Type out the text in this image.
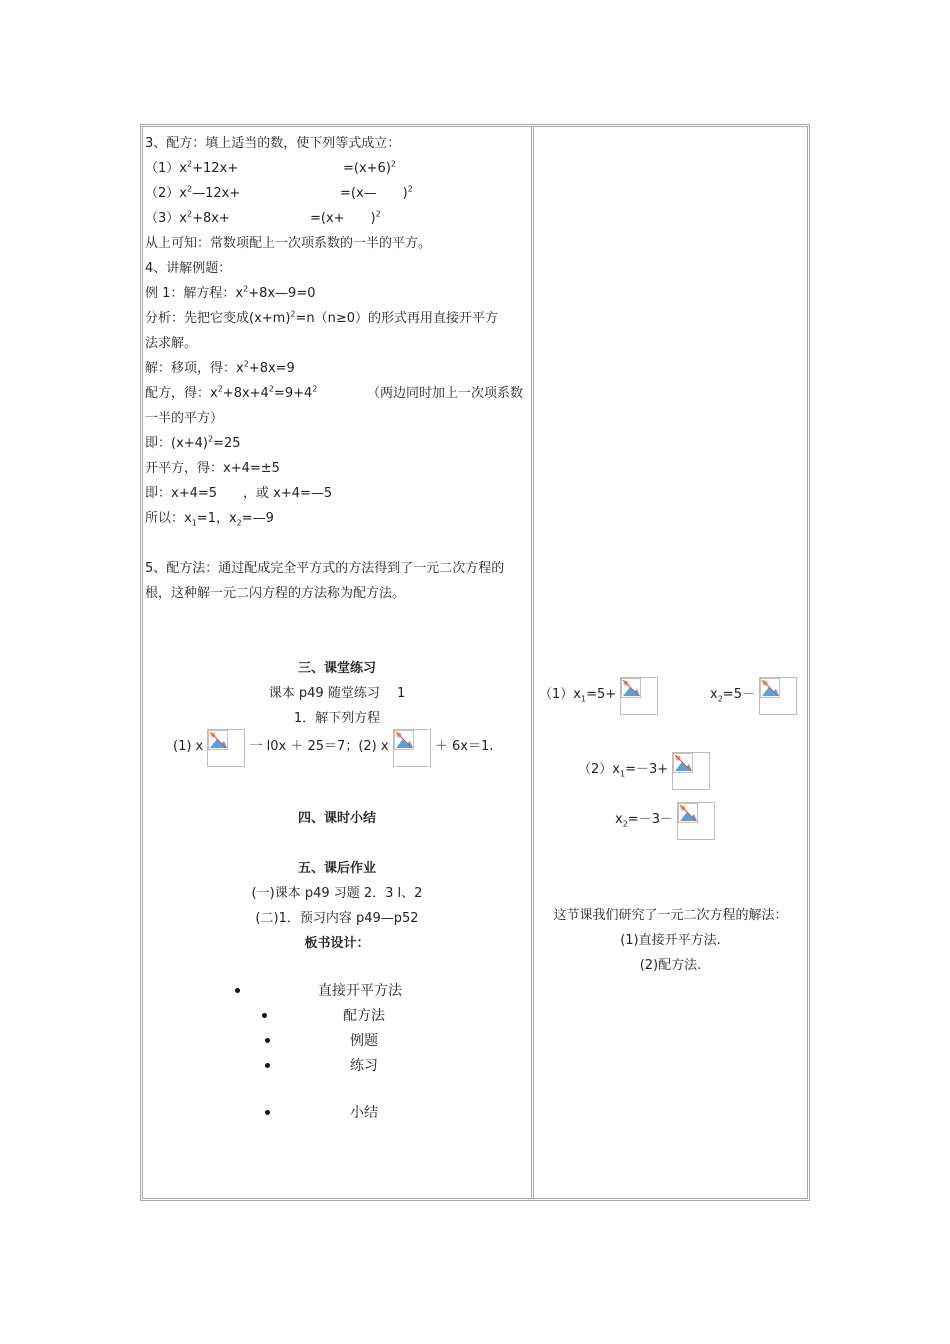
3、配方：填上适当的数，使下列等式成立：
$(1)x^2+12x+$	$=(x+6)^2$
$(2)x^2—12x+$	=(x—　　)$^2$
$(3)x^2+8x+$	=(x+　　)$^2$
从上可知：常数项配上一次项系数的一半的平方。
4、讲解例题：
例 1：解方程：$x^2+8x—9=0$
分析：先把它变成$(x+m)^2=n(n\ge 0)$的形式再用直接开平方
法求解。
解：移项，得：$x^2+8x=9$
配方，得：$x^2+8x+4^2=9+4^2$	（两边同时加上一次项系数
一半的平方）
即：$(x+4)^2=25$
开平方，得：x+4=±5
即：x+4=5　　，或 x+4=—5
所以：$x_1=1$，$x_2=—9$
5、配方法：通过配成完全平方式的方法得到了一元二次方程的
根，这种解一元二闪方程的方法称为配方法。
三、课堂练习
课本 p49 随堂练习　 1
1．解下列方程
(1) x	一 l0x ＋ 25＝7；(2) x	＋ 6x＝1.
四、课时小结
五、课后作业
(一)课本 p49 习题 2．3 l、2
(二)1．预习内容 p49—p52
板书设计：
直接开平方法
配方法
例题
练习
小结
$(1)x_1=5+$	$x_2=5-$
$(2)x_1=-3+$
$x_2=-3-$
这节课我们研究了一元二次方程的解法：
(1)直接开平方法.
(2)配方法.
